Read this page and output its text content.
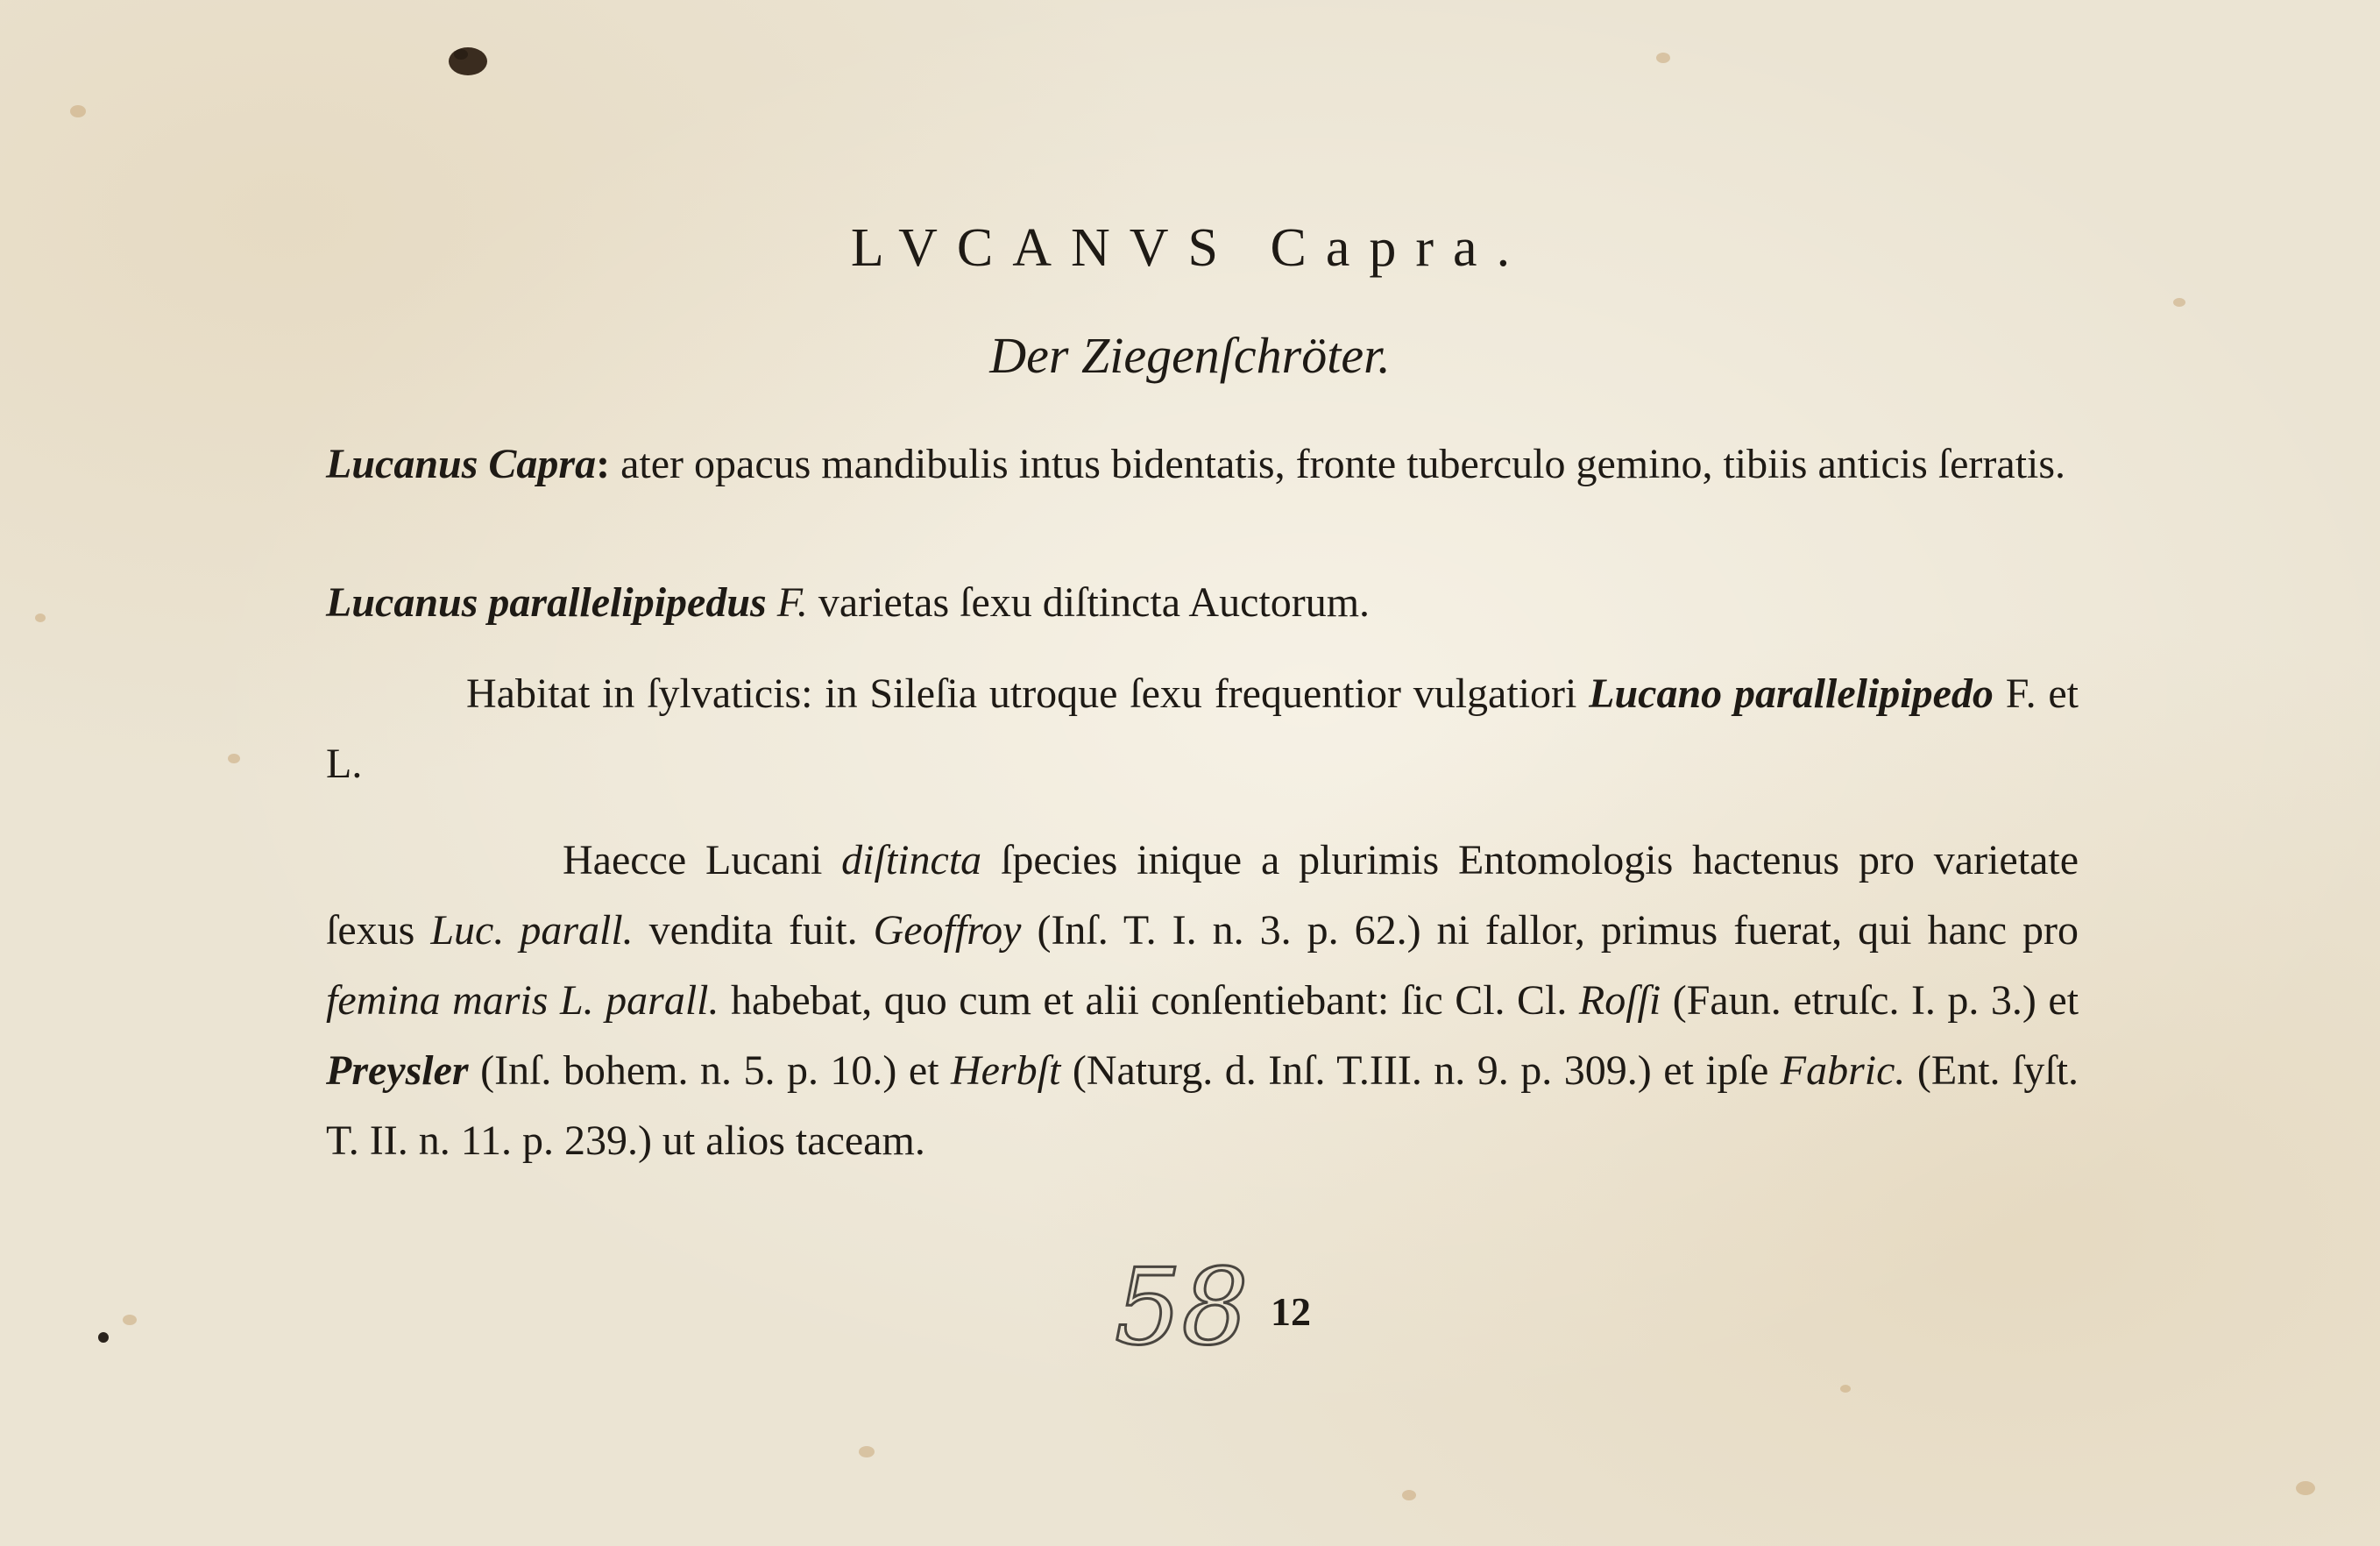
LVCANVS Capra.
Der Ziegenſchröter.
Lucanus Capra: ater opacus mandibulis intus bidentatis, fronte tuberculo gemino, tibiis anticis ſerratis.
Lucanus parallelipipedus F. varietas ſexu diſtincta Auctorum.
Habitat in ſylvaticis: in Sileſia utroque ſexu frequentior vulgatiori Lucano parallelipipedo F. et L.
Haecce Lucani diſtincta ſpecies inique a plurimis Entomologis hactenus pro varietate ſexus Luc. parall. vendita fuit. Geoffroy (Inſ. T. I. n. 3. p. 62.) ni fallor, primus fuerat, qui hanc pro femina maris L. parall. habebat, quo cum et alii conſentiebant: ſic Cl. Cl. Roſſi (Faun. etruſc. I. p. 3.) et Preysler (Inſ. bohem. n. 5. p. 10.) et Herbſt (Naturg. d. Inſ. T.III. n. 9. p. 309.) et ipſe Fabric. (Ent. ſyſt. T. II. n. 11. p. 239.) ut alios taceam.
58 12
